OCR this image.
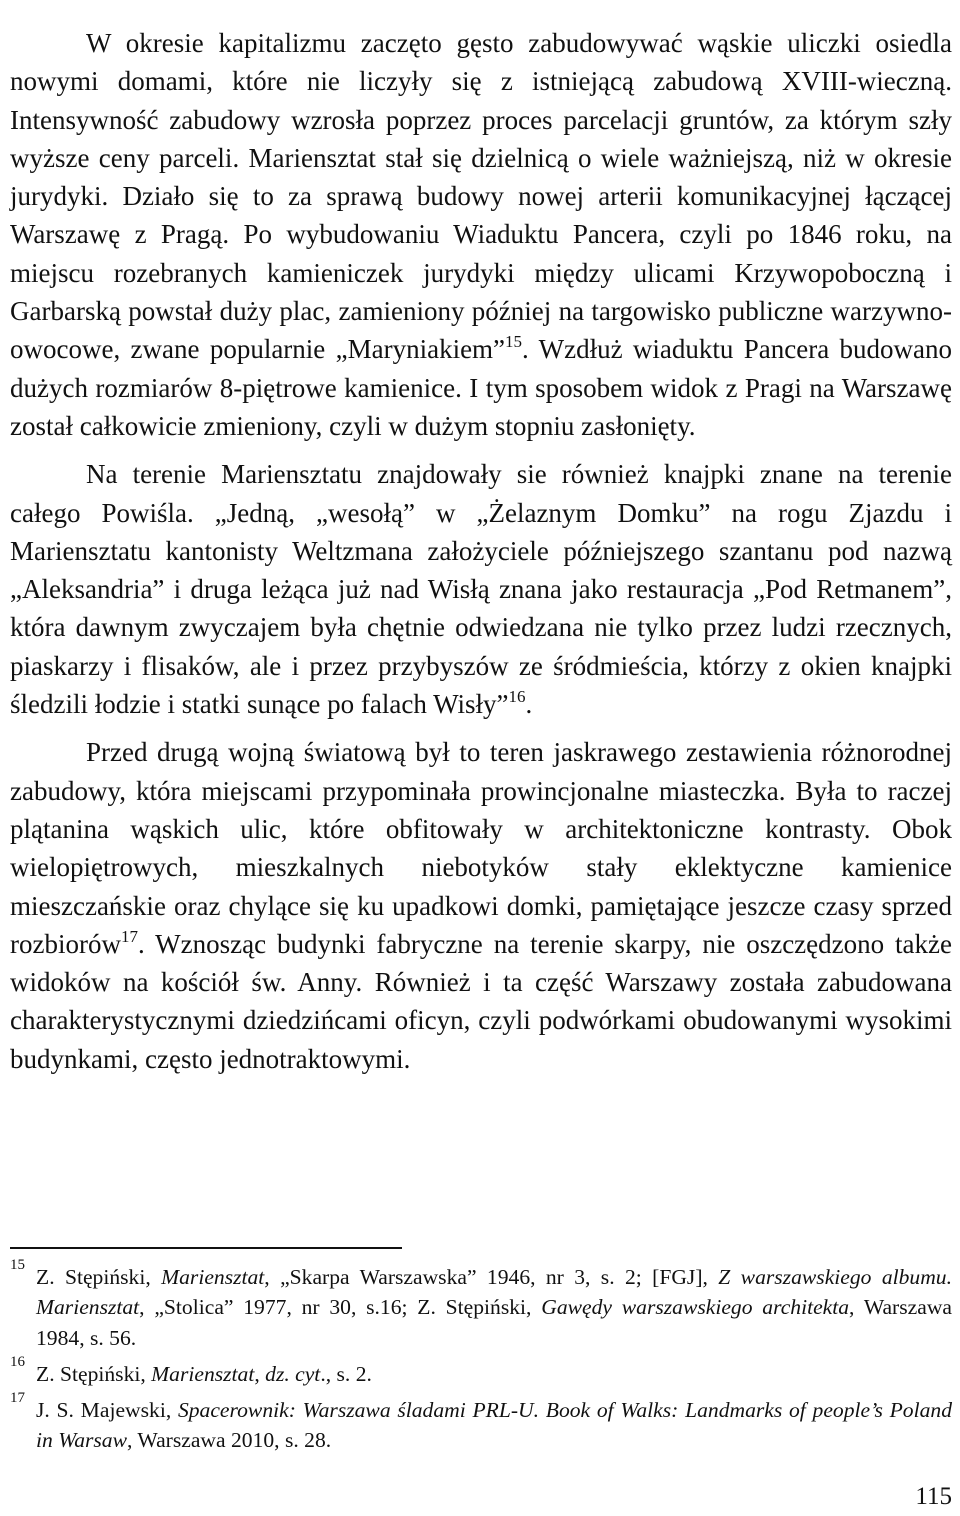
W okresie kapitalizmu zaczęto gęsto zabudowywać wąskie uliczki osiedla nowymi domami, które nie liczyły się z istniejącą zabudową XVIII-wieczną. Intensywność zabudowy wzrosła poprzez proces parcelacji gruntów, za którym szły wyższe ceny parceli. Mariensztat stał się dzielnicą o wiele ważniejszą, niż w okresie jurydyki. Działo się to za sprawą budowy nowej arterii komunikacyjnej łączącej Warszawę z Pragą. Po wybudowaniu Wiaduktu Pancera, czyli po 1846 roku, na miejscu rozebranych kamieniczek jurydyki między ulicami Krzywopoboczną i Garbarską powstał duży plac, zamieniony później na targowisko publiczne warzywno-owocowe, zwane popularnie „Maryniakiem”$^{15}$. Wzdłuż wiaduktu Pancera budowano dużych rozmiarów 8-piętrowe kamienice. I tym sposobem widok z Pragi na Warszawę został całkowicie zmieniony, czyli w dużym stopniu zasłonięty.

Na terenie Mariensztatu znajdowały sie również knajpki znane na terenie całego Powiśla. „Jedną, „wesołą” w „Żelaznym Domku” na rogu Zjazdu i Mariensztatu kantonisty Weltzmana założyciele późniejszego szantanu pod nazwą „Aleksandria” i druga leżąca już nad Wisłą znana jako restauracja „Pod Retmanem”, która dawnym zwyczajem była chętnie odwiedzana nie tylko przez ludzi rzecznych, piaskarzy i flisaków, ale i przez przybyszów ze śródmieścia, którzy z okien knajpki śledzili łodzie i statki sunące po falach Wisły”$^{16}$.

Przed drugą wojną światową był to teren jaskrawego zestawienia różnorodnej zabudowy, która miejscami przypominała prowincjonalne miasteczka. Była to raczej plątanina wąskich ulic, które obfitowały w architektoniczne kontrasty. Obok wielopiętrowych, mieszkalnych niebotyków stały eklektyczne kamienice mieszczańskie oraz chylące się ku upadkowi domki, pamiętające jeszcze czasy sprzed rozbiorów$^{17}$. Wznosząc budynki fabryczne na terenie skarpy, nie oszczędzono także widoków na kościół św. Anny. Również i ta część Warszawy została zabudowana charakterystycznymi dziedzińcami oficyn, czyli podwórkami obudowanymi wysokimi budynkami, często jednotraktowymi.

15 Z. Stępiński, Mariensztat, „Skarpa Warszawska” 1946, nr 3, s. 2; [FGJ], Z warszawskiego albumu. Mariensztat, „Stolica” 1977, nr 30, s.16; Z. Stępiński, Gawędy warszawskiego architekta, Warszawa 1984, s. 56.

16 Z. Stępiński, Mariensztat, dz. cyt., s. 2.

17 J. S. Majewski, Spacerownik: Warszawa śladami PRL-U. Book of Walks: Landmarks of people’s Poland in Warsaw, Warszawa 2010, s. 28.

115
